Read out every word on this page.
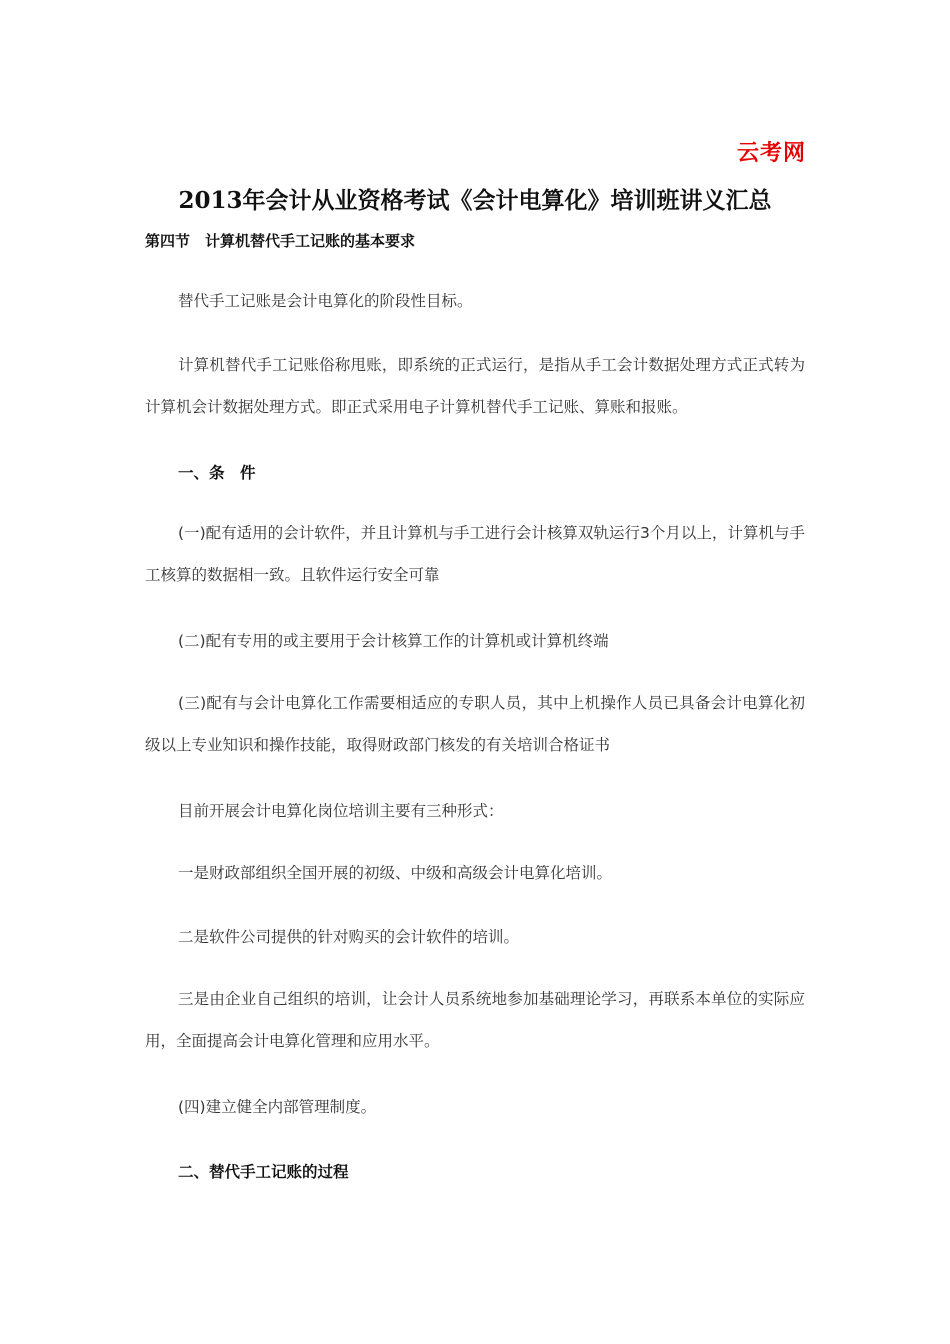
云考网
2013年会计从业资格考试《会计电算化》培训班讲义汇总
第四节　计算机替代手工记账的基本要求
替代手工记账是会计电算化的阶段性目标。
计算机替代手工记账俗称甩账，即系统的正式运行，是指从手工会计数据处理方式正式转为计算机会计数据处理方式。即正式采用电子计算机替代手工记账、算账和报账。
一、条　件
(一)配有适用的会计软件，并且计算机与手工进行会计核算双轨运行3个月以上，计算机与手工核算的数据相一致。且软件运行安全可靠
(二)配有专用的或主要用于会计核算工作的计算机或计算机终端
(三)配有与会计电算化工作需要相适应的专职人员，其中上机操作人员已具备会计电算化初级以上专业知识和操作技能，取得财政部门核发的有关培训合格证书
目前开展会计电算化岗位培训主要有三种形式：
一是财政部组织全国开展的初级、中级和高级会计电算化培训。
二是软件公司提供的针对购买的会计软件的培训。
三是由企业自己组织的培训，让会计人员系统地参加基础理论学习，再联系本单位的实际应用，全面提高会计电算化管理和应用水平。
(四)建立健全内部管理制度。
二、替代手工记账的过程
